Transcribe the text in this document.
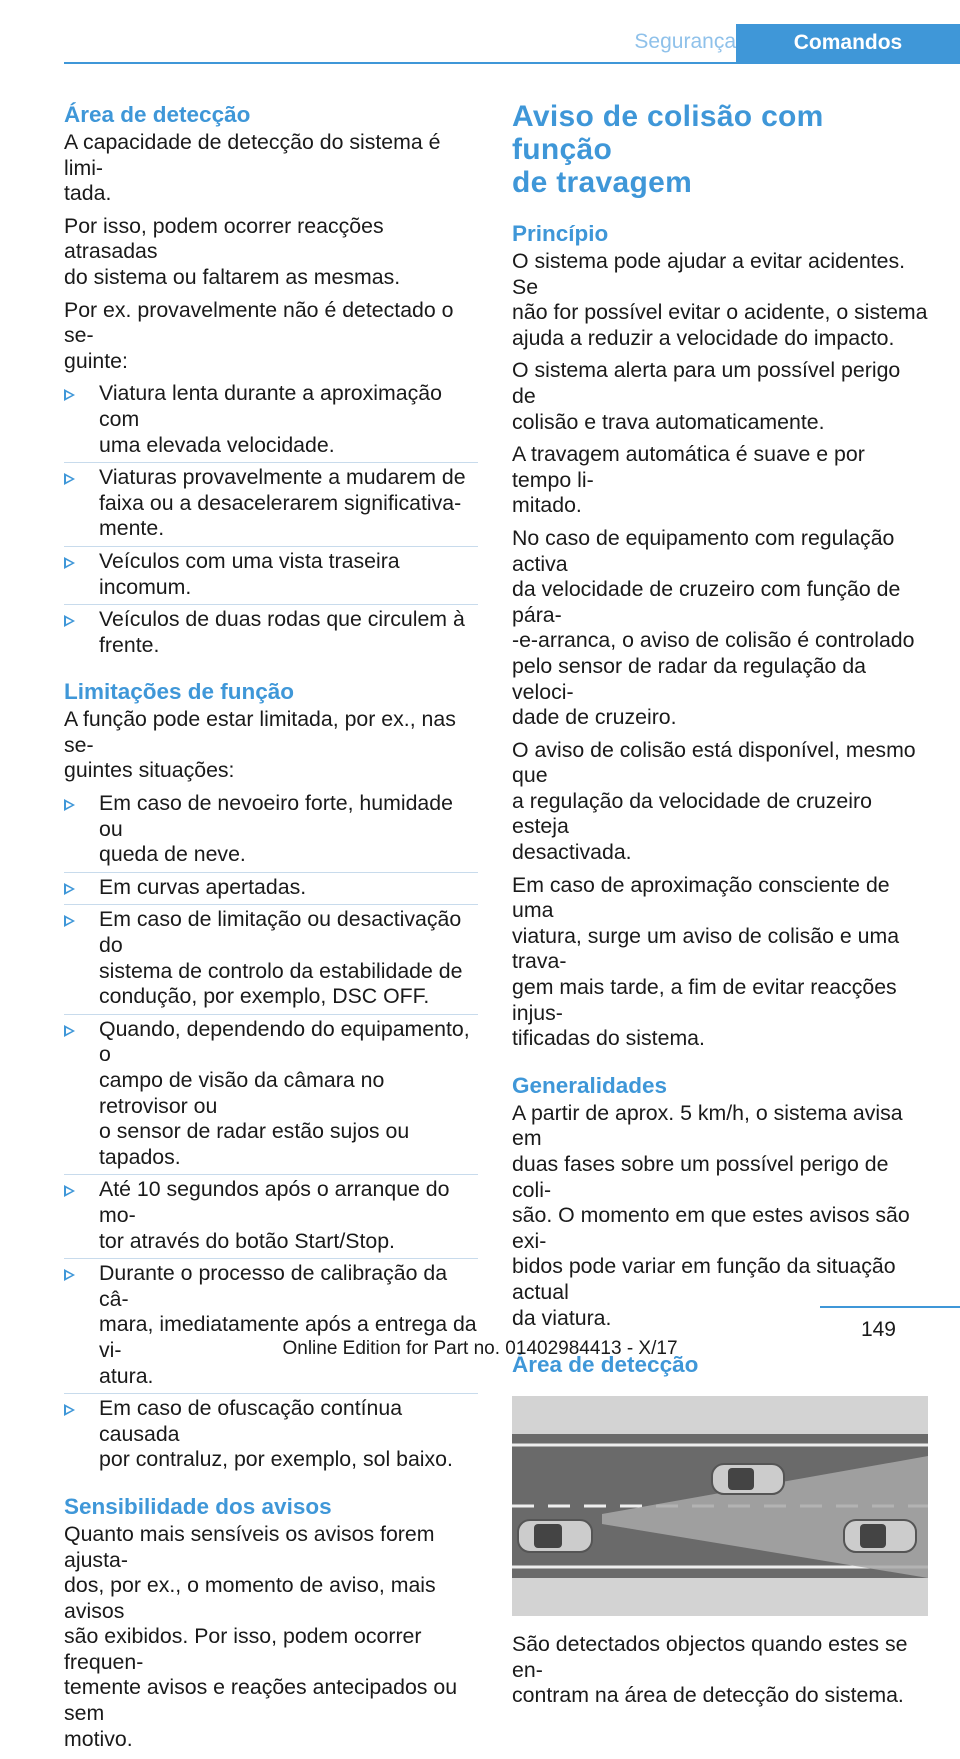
Segurança	Comandos
Área de detecção

A capacidade de detecção do sistema é limi-
tada.

Por isso, podem ocorrer reacções atrasadas
do sistema ou faltarem as mesmas.

Por ex. provavelmente não é detectado o se-
guinte:

Viatura lenta durante a aproximação com
uma elevada velocidade.
Viaturas provavelmente a mudarem de
faixa ou a desacelerarem significativa-
mente.
Veículos com uma vista traseira incomum.
Veículos de duas rodas que circulem à
frente.
Limitações de função

A função pode estar limitada, por ex., nas se-
guintes situações:

Em caso de nevoeiro forte, humidade ou
queda de neve.
Em curvas apertadas.
Em caso de limitação ou desactivação do
sistema de controlo da estabilidade de
condução, por exemplo, DSC OFF.
Quando, dependendo do equipamento, o
campo de visão da câmara no retrovisor ou
o sensor de radar estão sujos ou tapados.
Até 10 segundos após o arranque do mo-
tor através do botão Start/Stop.
Durante o processo de calibração da câ-
mara, imediatamente após a entrega da vi-
atura.
Em caso de ofuscação contínua causada
por contraluz, por exemplo, sol baixo.
Sensibilidade dos avisos

Quanto mais sensíveis os avisos forem ajusta-
dos, por ex., o momento de aviso, mais avisos
são exibidos. Por isso, podem ocorrer frequen-
temente avisos e reações antecipados ou sem
motivo.

Aviso de colisão com função
de travagem
Princípio

O sistema pode ajudar a evitar acidentes. Se
não for possível evitar o acidente, o sistema
ajuda a reduzir a velocidade do impacto.

O sistema alerta para um possível perigo de
colisão e trava automaticamente.

A travagem automática é suave e por tempo li-
mitado.

No caso de equipamento com regulação activa
da velocidade de cruzeiro com função de pára-
-e-arranca, o aviso de colisão é controlado
pelo sensor de radar da regulação da veloci-
dade de cruzeiro.

O aviso de colisão está disponível, mesmo que
a regulação da velocidade de cruzeiro esteja
desactivada.

Em caso de aproximação consciente de uma
viatura, surge um aviso de colisão e uma trava-
gem mais tarde, a fim de evitar reacções injus-
tificadas do sistema.

Generalidades

A partir de aprox. 5 km/h, o sistema avisa em
duas fases sobre um possível perigo de coli-
são. O momento em que estes avisos são exi-
bidos pode variar em função da situação actual
da viatura.

Área de detecção

São detectados objectos quando estes se en-
contram na área de detecção do sistema.

149
Online Edition for Part no. 01402984413 - X/17
